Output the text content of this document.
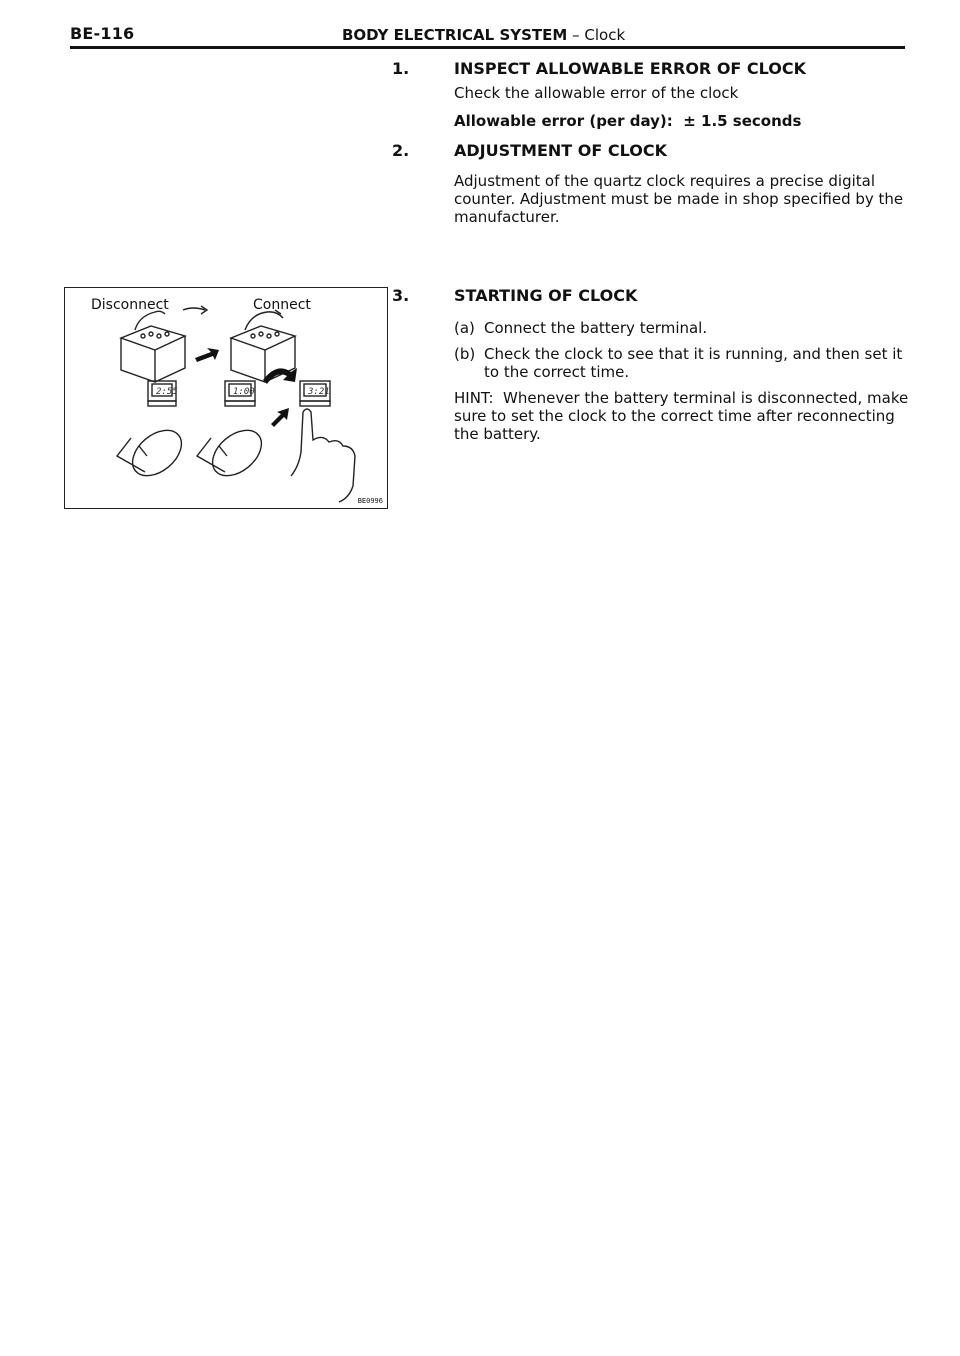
BE-116	BODY ELECTRICAL SYSTEM – Clock
1.	INSPECT ALLOWABLE ERROR OF CLOCK
Check the allowable error of the clock
Allowable error (per day): ± 1.5 seconds
2.	ADJUSTMENT OF CLOCK
Adjustment of the quartz clock requires a precise digital counter. Adjustment must be made in shop specified by the manufacturer.
3.	STARTING OF CLOCK
(a) Connect the battery terminal.
(b) Check the clock to see that it is running, and then set it to the correct time.
HINT: Whenever the battery terminal is disconnected, make sure to set the clock to the correct time after reconnecting the battery.
Disconnect	Connect
2:55	1:00	3:21
BE0996
